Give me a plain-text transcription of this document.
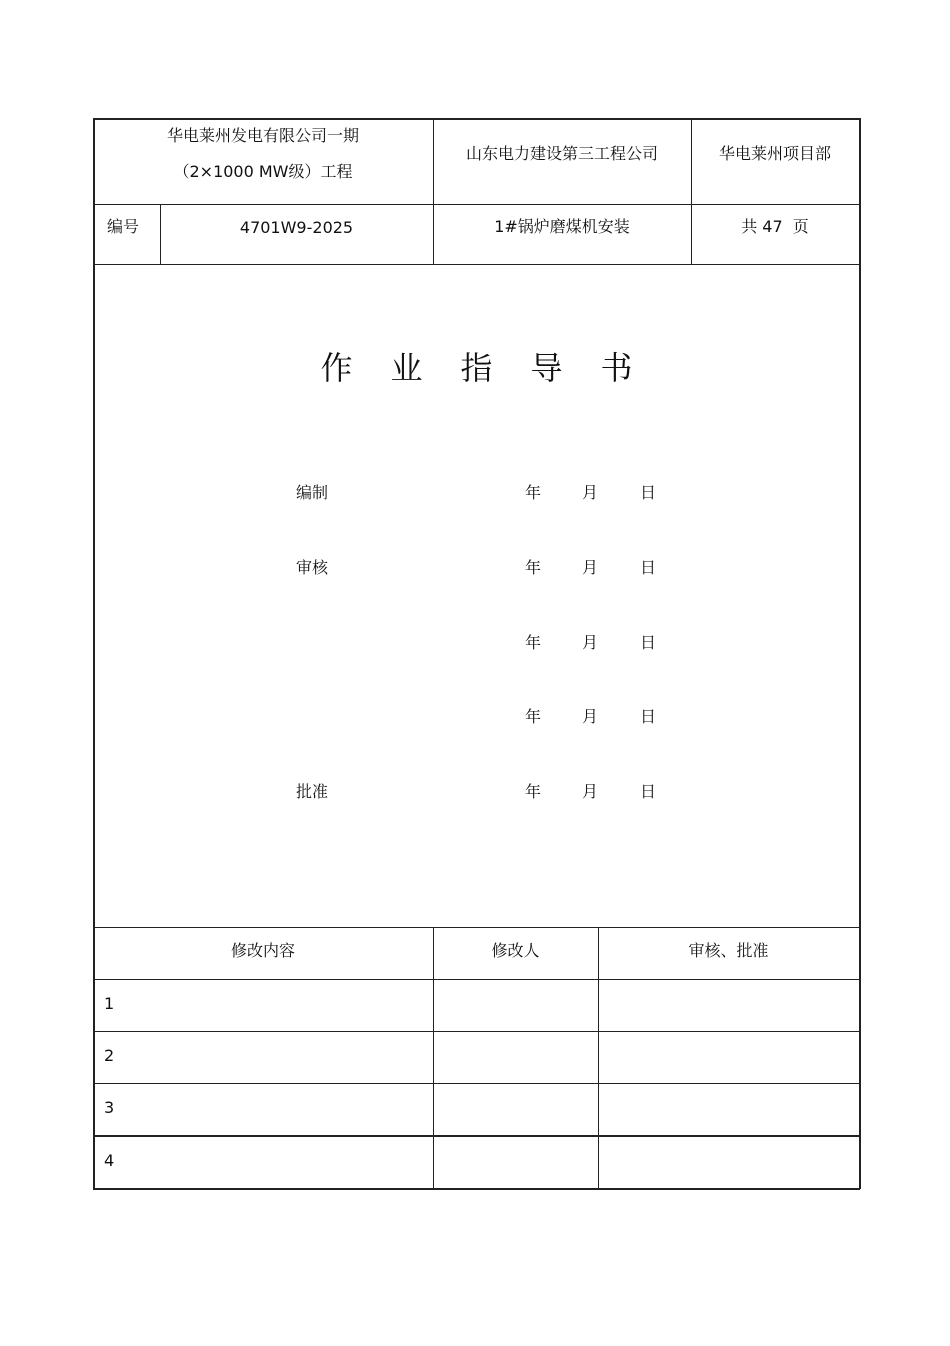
华电莱州发电有限公司一期
（2×1000 MW级）工程
山东电力建设第三工程公司	华电莱州项目部
编号	4701W9-2025	1#锅炉磨煤机安装	共 47  页
作业指导书
编制	年	月	日
审核	年	月	日
年	月	日
年	月	日
批准	年	月	日
修改内容	修改人	审核、批准
1
2
3
4
